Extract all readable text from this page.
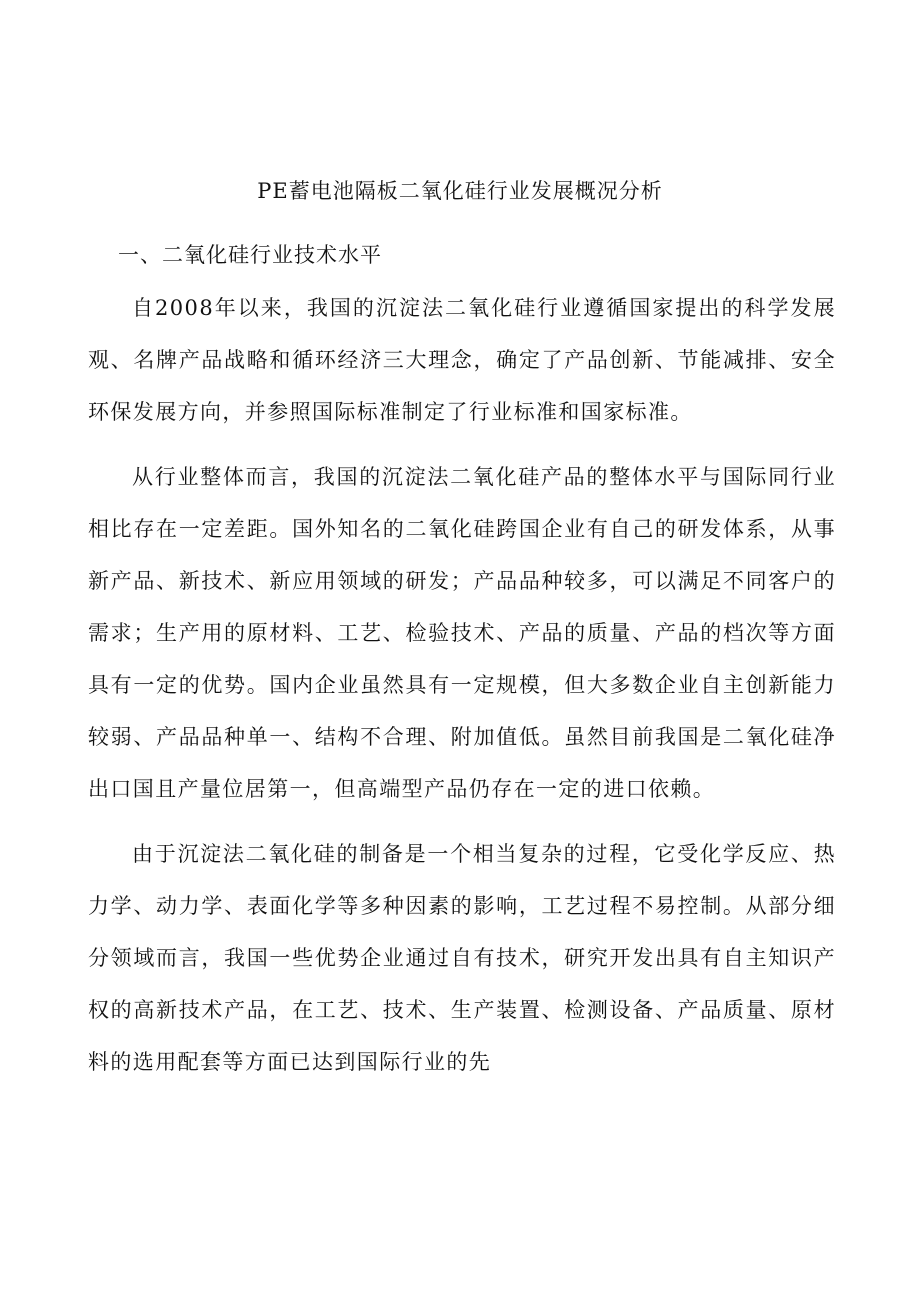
PE蓄电池隔板二氧化硅行业发展概况分析
一、二氧化硅行业技术水平

自2008年以来，我国的沉淀法二氧化硅行业遵循国家提出的科学发展观、名牌产品战略和循环经济三大理念，确定了产品创新、节能减排、安全环保发展方向，并参照国际标准制定了行业标准和国家标准。

从行业整体而言，我国的沉淀法二氧化硅产品的整体水平与国际同行业相比存在一定差距。国外知名的二氧化硅跨国企业有自己的研发体系，从事新产品、新技术、新应用领域的研发；产品品种较多，可以满足不同客户的需求；生产用的原材料、工艺、检验技术、产品的质量、产品的档次等方面具有一定的优势。国内企业虽然具有一定规模，但大多数企业自主创新能力较弱、产品品种单一、结构不合理、附加值低。虽然目前我国是二氧化硅净出口国且产量位居第一，但高端型产品仍存在一定的进口依赖。

由于沉淀法二氧化硅的制备是一个相当复杂的过程，它受化学反应、热力学、动力学、表面化学等多种因素的影响，工艺过程不易控制。从部分细分领域而言，我国一些优势企业通过自有技术，研究开发出具有自主知识产权的高新技术产品，在工艺、技术、生产装置、检测设备、产品质量、原材料的选用配套等方面已达到国际行业的先
